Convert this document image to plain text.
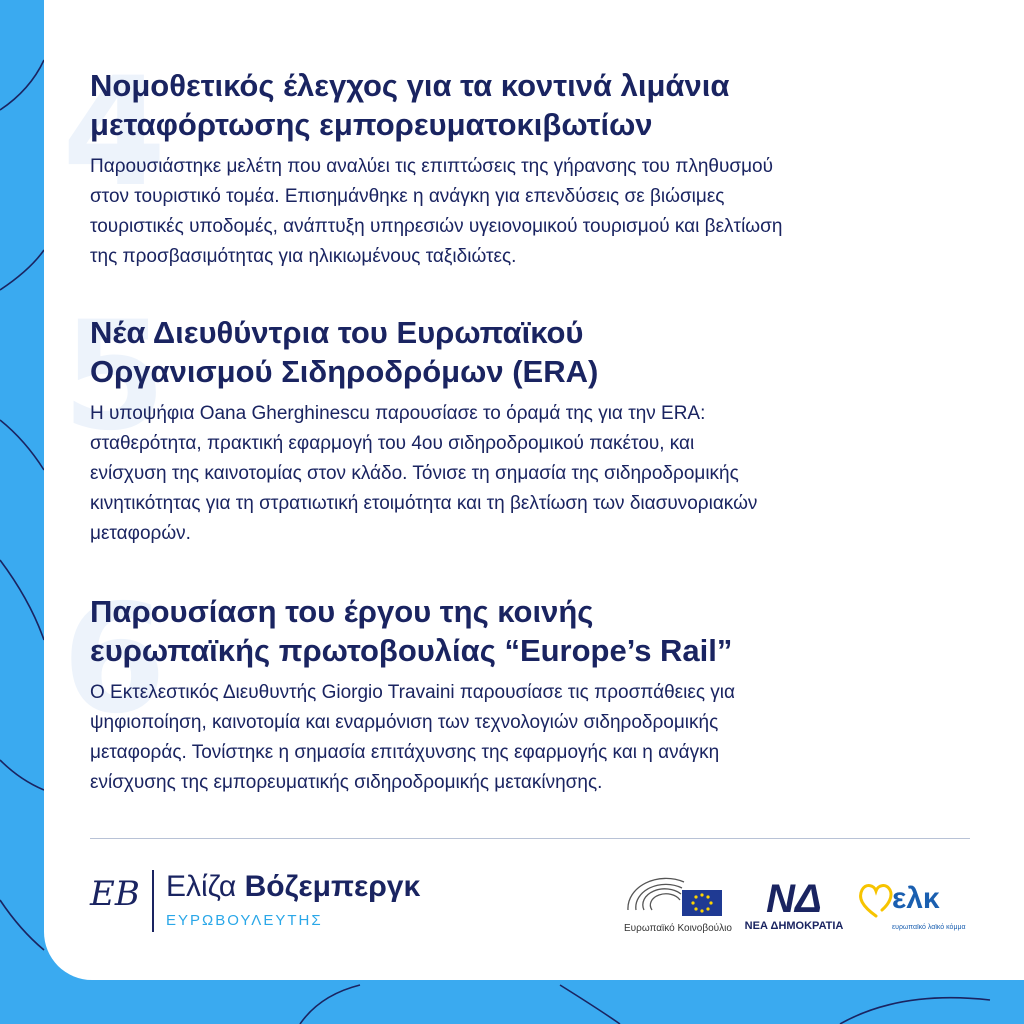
4
Νομοθετικός έλεγχος για τα κοντινά λιμάνια
μεταφόρτωσης εμπορευματοκιβωτίων

Παρουσιάστηκε μελέτη που αναλύει τις επιπτώσεις της γήρανσης του πληθυσμού
στον τουριστικό τομέα. Επισημάνθηκε η ανάγκη για επενδύσεις σε βιώσιμες
τουριστικές υποδομές, ανάπτυξη υπηρεσιών υγειονομικού τουρισμού και βελτίωση
της προσβασιμότητας για ηλικιωμένους ταξιδιώτες.

5
Νέα Διευθύντρια του Ευρωπαϊκού
Οργανισμού Σιδηροδρόμων (ERA)

Η υποψήφια Oana Gherghinescu παρουσίασε το όραμά της για την ERA:
σταθερότητα, πρακτική εφαρμογή του 4ου σιδηροδρομικού πακέτου, και
ενίσχυση της καινοτομίας στον κλάδο. Τόνισε τη σημασία της σιδηροδρομικής
κινητικότητας για τη στρατιωτική ετοιμότητα και τη βελτίωση των διασυνοριακών
μεταφορών.

6
Παρουσίαση του έργου της κοινής
ευρωπαϊκής πρωτοβουλίας “Europe’s Rail”

Ο Εκτελεστικός Διευθυντής Giorgio Travaini παρουσίασε τις προσπάθειες για
ψηφιοποίηση, καινοτομία και εναρμόνιση των τεχνολογιών σιδηροδρομικής
μεταφοράς. Τονίστηκε η σημασία επιτάχυνσης της εφαρμογής και η ανάγκη
ενίσχυσης της εμπορευματικής σιδηροδρομικής μετακίνησης.

EB Ελίζα Βόζεμπεργκ
ΕΥΡΩΒΟΥΛΕΥΤΗΣ	Ευρωπαϊκό Κοινοβούλιο
ΝΔ
ΝΕΑ ΔΗΜΟΚΡΑΤΙΑ
ελκ
ευρωπαϊκό λαϊκό κόμμα
